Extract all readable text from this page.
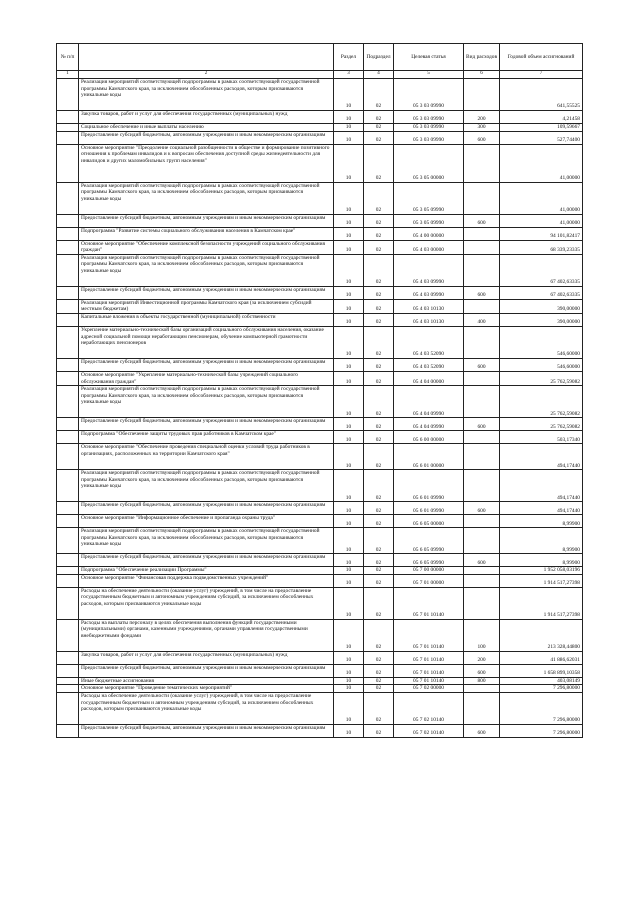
№ п/п		Раздел	Подраздел	Целевая статья	Вид расходов	Годовой объем ассигнований
1	2	3	4	5	6	7
	Реализация мероприятий соответствующей подпрограммы в рамках соответствующей государственной программы Камчатского края, за исключением обособленных расходов, которым присваиваются уникальные коды	10	02	05 3 03 09990		641,55525
	Закупка товаров, работ и услуг для обеспечения государственных (муниципальных) нужд	10	02	05 3 03 09990	200	4,21458
	Социальное обеспечение и иные выплаты населению	10	02	05 3 03 09990	300	109,59667
	Предоставление субсидий бюджетным, автономным учреждениям и иным некоммерческим организациям	10	02	05 3 03 09990	600	527,74400
	Основное мероприятие "Преодоление социальной разобщенности в обществе и формирование позитивного отношения к проблемам инвалидов и к вопросам обеспечения доступной среды жизнедеятельности для инвалидов и других маломобильных групп населения"	10	02	05 3 05 00000		41,00000
	Реализация мероприятий соответствующей подпрограммы в рамках соответствующей государственной программы Камчатского края, за исключением обособленных расходов, которым присваиваются уникальные коды	10	02	05 3 05 09990		41,00000
	Предоставление субсидий бюджетным, автономным учреждениям и иным некоммерческим организациям	10	02	05 3 05 09990	600	41,00000
	Подпрограмма "Развитие системы социального обслуживания населения в Камчатском крае"	10	02	05 4 00 00000		94 101,82417
	Основное мероприятие "Обеспечение комплексной безопасности учреждений социального обслуживания граждан"	10	02	05 4 03 00000		68 339,23335
	Реализация мероприятий соответствующей подпрограммы в рамках соответствующей государственной программы Камчатского края, за исключением обособленных расходов, которым присваиваются уникальные коды	10	02	05 4 03 09990		67 402,63335
	Предоставление субсидий бюджетным, автономным учреждениям и иным некоммерческим организациям	10	02	05 4 03 09990	600	67 402,63335
	Реализация мероприятий Инвестиционной программы Камчатского края (за исключением субсидий местным бюджетам)	10	02	05 4 03 10130		390,00000
	Капитальные вложения в объекты государственной (муниципальной) собственности	10	02	05 4 03 10130	400	390,00000
	Укрепление материально-технической базы организаций социального обслуживания населения, оказание адресной социальной помощи неработающим пенсионерам, обучение компьютерной грамотности неработающих пенсионеров	10	02	05 4 03 52090		546,60000
	Предоставление субсидий бюджетным, автономным учреждениям и иным некоммерческим организациям	10	02	05 4 03 52090	600	546,60000
	Основное мероприятие "Укрепление материально-технической базы учреждений социального обслуживания граждан"	10	02	05 4 04 00000		25 762,59082
	Реализация мероприятий соответствующей подпрограммы в рамках соответствующей государственной программы Камчатского края, за исключением обособленных расходов, которым присваиваются уникальные коды	10	02	05 4 04 09990		25 762,59082
	Предоставление субсидий бюджетным, автономным учреждениям и иным некоммерческим организациям	10	02	05 4 04 09990	600	25 762,59082
	Подпрограмма "Обеспечение защиты трудовых прав работников в Камчатском крае"	10	02	05 6 00 00000		503,17340
	Основное мероприятие "Обеспечение проведения специальной оценки условий труда работников в организациях, расположенных на территории Камчатского края"	10	02	05 6 01 00000		494,17440
	Реализация мероприятий соответствующей подпрограммы в рамках соответствующей государственной программы Камчатского края, за исключением обособленных расходов, которым присваиваются уникальные коды	10	02	05 6 01 09990		494,17440
	Предоставление субсидий бюджетным, автономным учреждениям и иным некоммерческим организациям	10	02	05 6 01 09990	600	494,17440
	Основное мероприятие "Информационное обеспечение и пропаганда охраны труда"	10	02	05 6 05 00000		8,99900
	Реализация мероприятий соответствующей подпрограммы в рамках соответствующей государственной программы Камчатского края, за исключением обособленных расходов, которым присваиваются уникальные коды	10	02	05 6 05 09990		8,99900
	Предоставление субсидий бюджетным, автономным учреждениям и иным некоммерческим организациям	10	02	05 6 05 09990	600	8,99900
	Подпрограмма "Обеспечение реализации Программы"	10	02	05 7 00 00000		1 952 058,03196
	Основное мероприятие "Финансовая поддержка подведомственных учреждений"	10	02	05 7 01 00000		1 914 517,27398
	Расходы на обеспечение деятельности (оказание услуг) учреждений, в том числе на предоставление государственным бюджетным и автономным учреждениям субсидий, за исключением обособленных расходов, которым присваиваются уникальные коды	10	02	05 7 01 10140		1 914 517,27398
	Расходы на выплаты персоналу в целях обеспечения выполнения функций государственными (муниципальными) органами, казенными учреждениями, органами управления государственными внебюджетными фондами	10	02	05 7 01 10140	100	213 328,44800
	Закупка товаров, работ и услуг для обеспечения государственных (муниципальных) нужд	10	02	05 7 01 10140	200	41 886,62031
	Предоставление субсидий бюджетным, автономным учреждениям и иным некоммерческим организациям	10	02	05 7 01 10140	600	1 658 899,10358
	Иные бюджетные ассигнования	10	02	05 7 01 10140	800	403,08149
	Основное мероприятие "Проведение тематических мероприятий"	10	02	05 7 02 00000		7 296,80000
	Расходы на обеспечение деятельности (оказание услуг) учреждений, в том числе на предоставление государственным бюджетным и автономным учреждениям субсидий, за исключением обособленных расходов, которым присваиваются уникальные коды	10	02	05 7 02 10140		7 296,80000
	Предоставление субсидий бюджетным, автономным учреждениям и иным некоммерческим организациям	10	02	05 7 02 10140	600	7 296,80000
